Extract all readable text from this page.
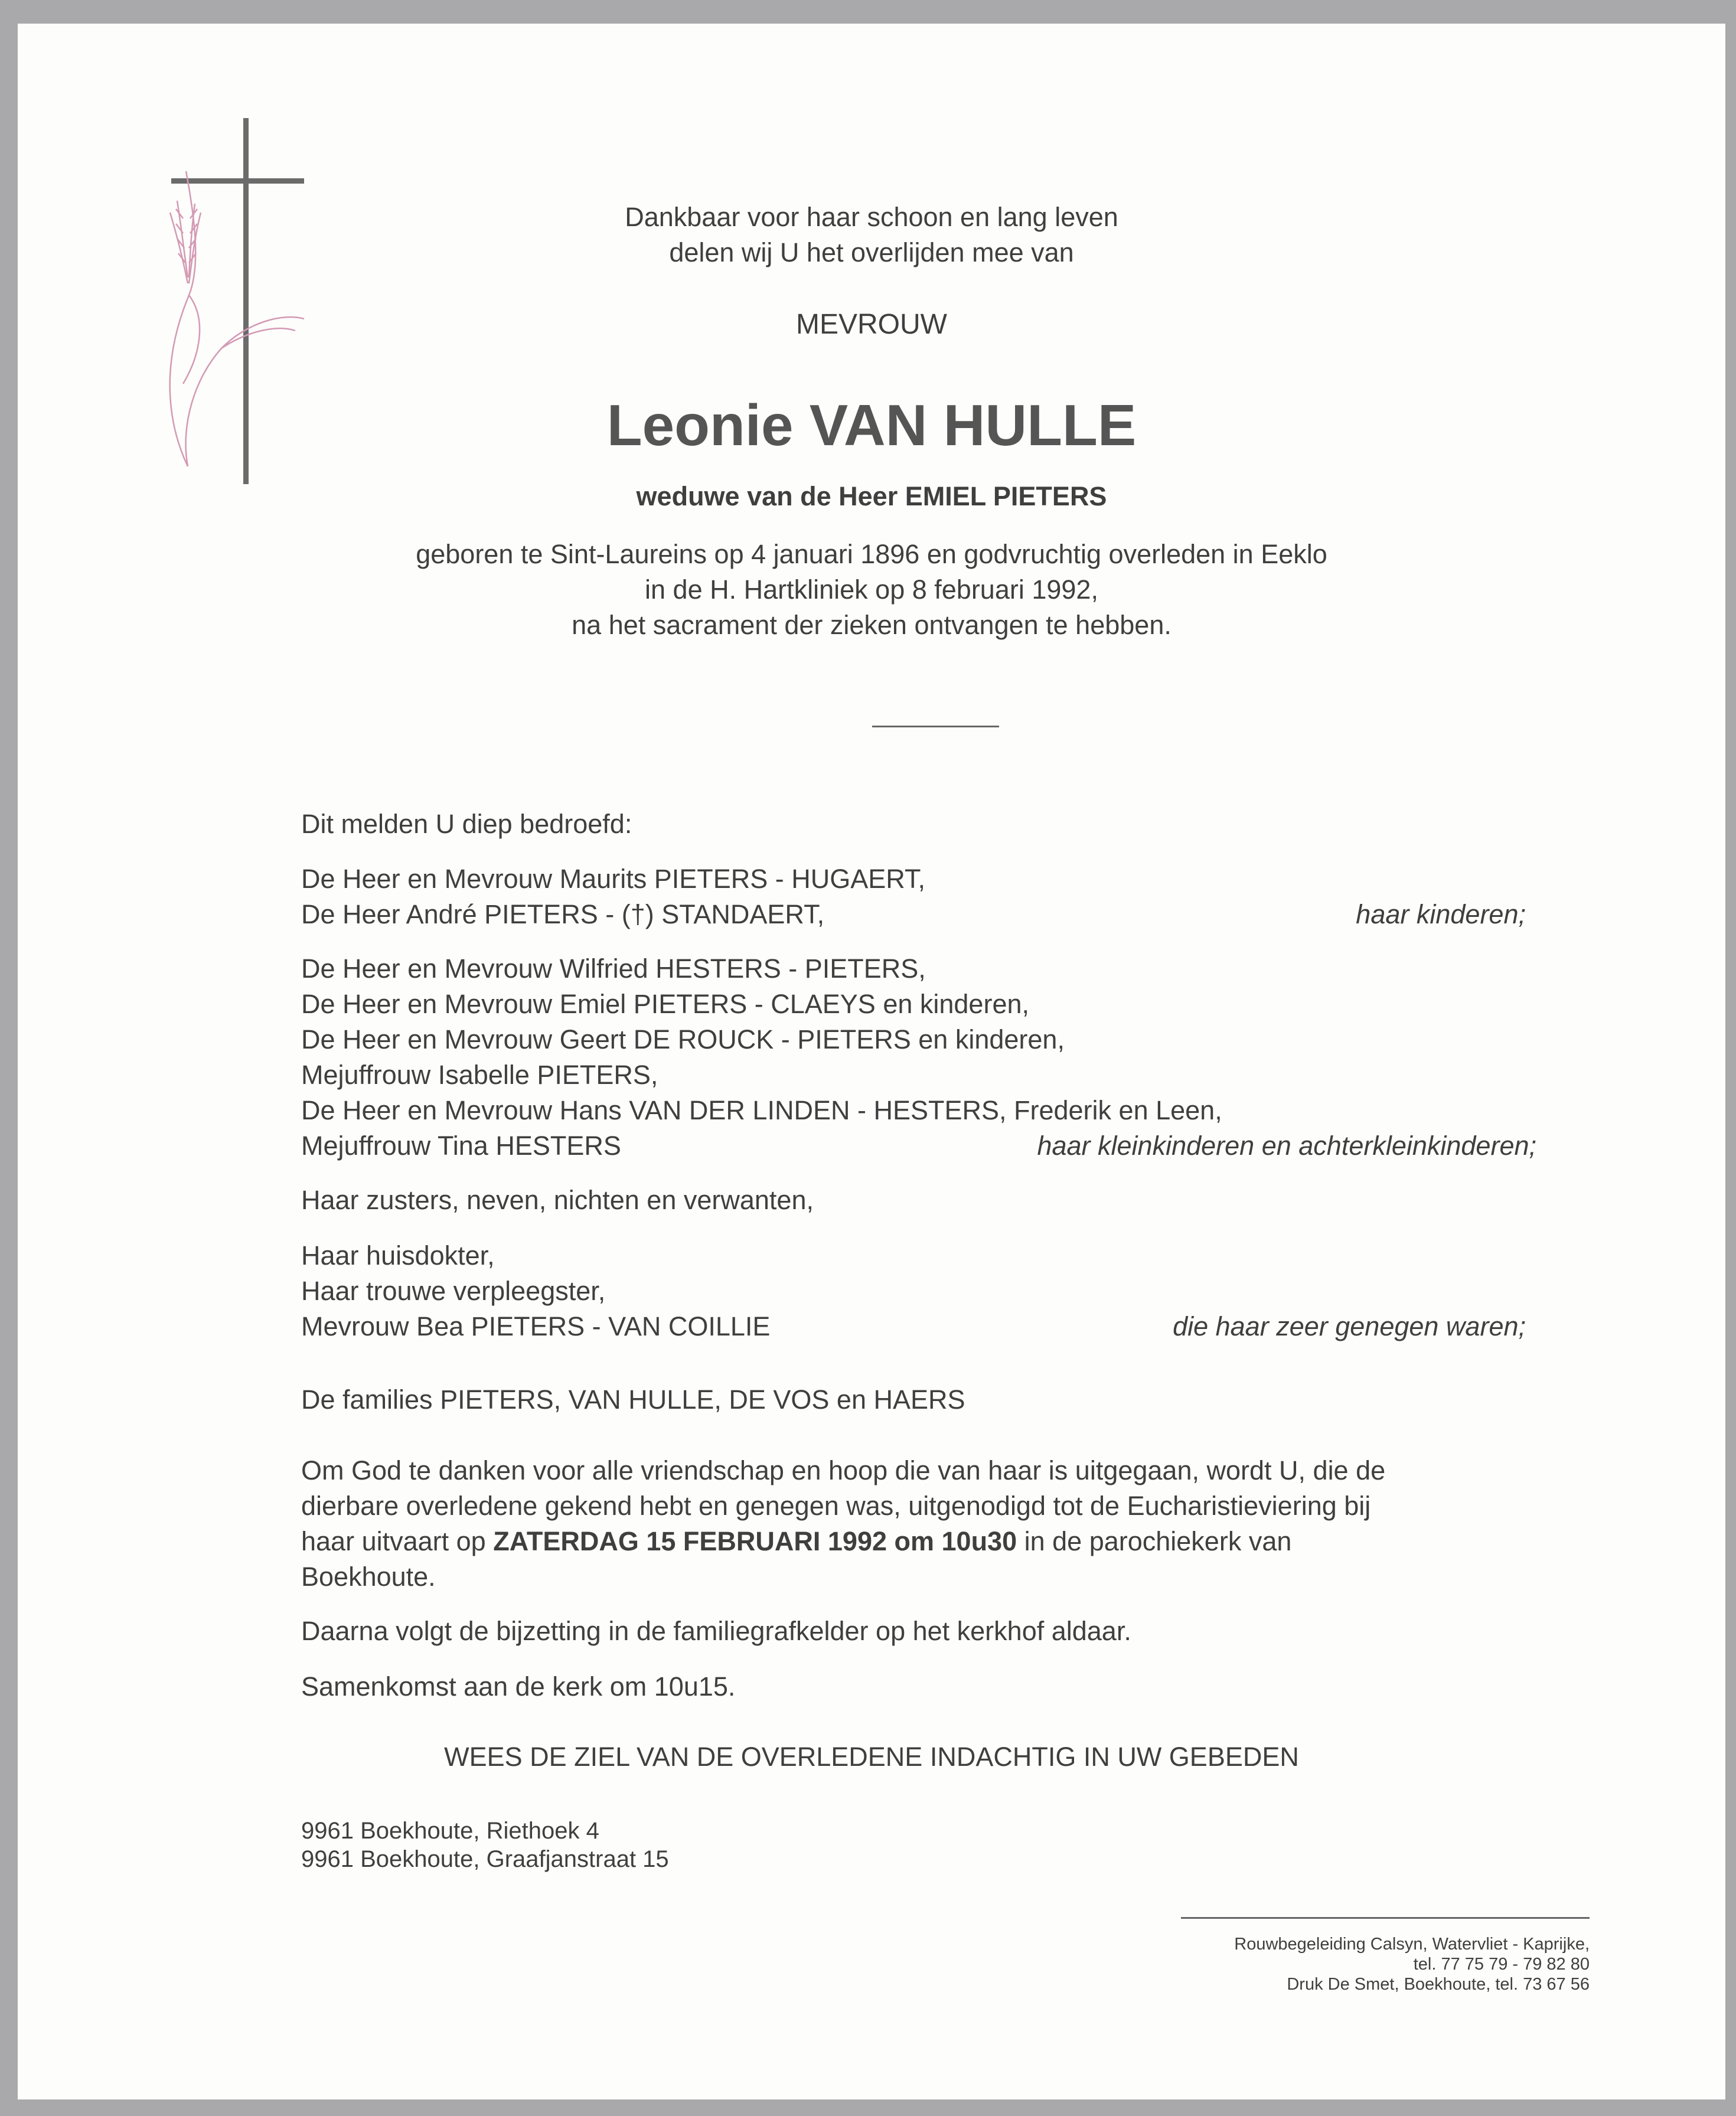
Dankbaar voor haar schoon en lang leven
delen wij U het overlijden mee van
MEVROUW
Leonie VAN HULLE
weduwe van de Heer EMIEL PIETERS
geboren te Sint-Laureins op 4 januari 1896 en godvruchtig overleden in Eeklo
in de H. Hartkliniek op 8 februari 1992,
na het sacrament der zieken ontvangen te hebben.
Dit melden U diep bedroefd:
De Heer en Mevrouw Maurits PIETERS - HUGAERT,
De Heer André PIETERS - (†) STANDAERT,	haar kinderen;
De Heer en Mevrouw Wilfried HESTERS - PIETERS,
De Heer en Mevrouw Emiel PIETERS - CLAEYS en kinderen,
De Heer en Mevrouw Geert DE ROUCK - PIETERS en kinderen,
Mejuffrouw Isabelle PIETERS,
De Heer en Mevrouw Hans VAN DER LINDEN - HESTERS, Frederik en Leen,
Mejuffrouw Tina HESTERS	haar kleinkinderen en achterkleinkinderen;
Haar zusters, neven, nichten en verwanten,
Haar huisdokter,
Haar trouwe verpleegster,
Mevrouw Bea PIETERS - VAN COILLIE	die haar zeer genegen waren;
De families PIETERS, VAN HULLE, DE VOS en HAERS
Om God te danken voor alle vriendschap en hoop die van haar is uitgegaan, wordt U, die de
dierbare overledene gekend hebt en genegen was, uitgenodigd tot de Eucharistieviering bij
haar uitvaart op ZATERDAG 15 FEBRUARI 1992 om 10u30 in de parochiekerk van
Boekhoute.
Daarna volgt de bijzetting in de familiegrafkelder op het kerkhof aldaar.
Samenkomst aan de kerk om 10u15.
WEES DE ZIEL VAN DE OVERLEDENE INDACHTIG IN UW GEBEDEN
9961 Boekhoute, Riethoek 4
9961 Boekhoute, Graafjanstraat 15
Rouwbegeleiding Calsyn, Watervliet - Kaprijke,
tel. 77 75 79 - 79 82 80
Druk De Smet, Boekhoute, tel. 73 67 56
